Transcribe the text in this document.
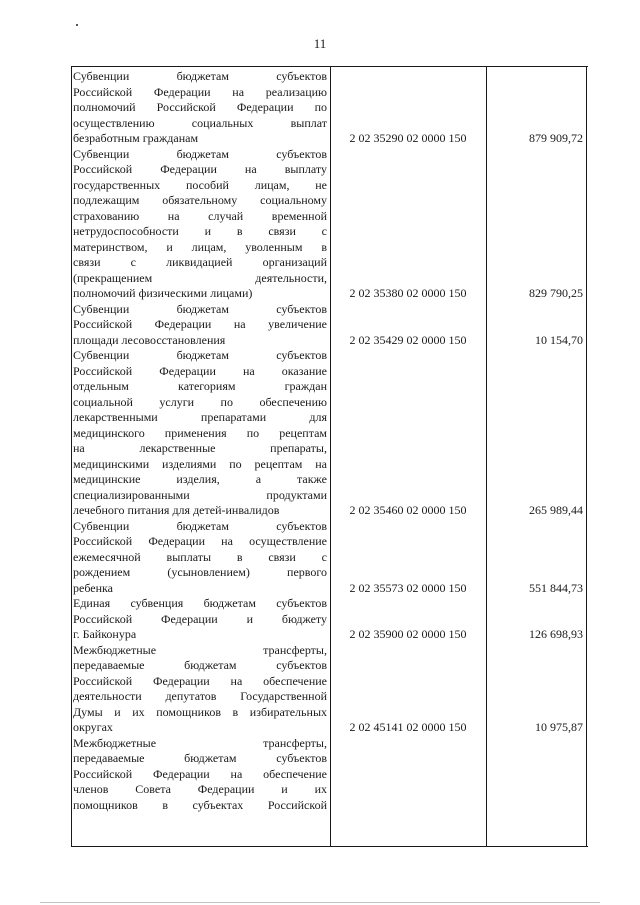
11
Субвенции бюджетам субъектов
Российской Федерации на реализацию
полномочий Российской Федерации по
осуществлению социальных выплат
безработным гражданам	2 02 35290 02 0000 150	879 909,72
Субвенции бюджетам субъектов
Российской Федерации на выплату
государственных пособий лицам, не
подлежащим обязательному социальному
страхованию на случай временной
нетрудоспособности и в связи с
материнством, и лицам, уволенным в
связи с ликвидацией организаций
(прекращением деятельности,
полномочий физическими лицами)	2 02 35380 02 0000 150	829 790,25
Субвенции бюджетам субъектов
Российской Федерации на увеличение
площади лесовосстановления	2 02 35429 02 0000 150	10 154,70
Субвенции бюджетам субъектов
Российской Федерации на оказание
отдельным категориям граждан
социальной услуги по обеспечению
лекарственными препаратами для
медицинского применения по рецептам
на лекарственные препараты,
медицинскими изделиями по рецептам на
медицинские изделия, а также
специализированными продуктами
лечебного питания для детей-инвалидов	2 02 35460 02 0000 150	265 989,44
Субвенции бюджетам субъектов
Российской Федерации на осуществление
ежемесячной выплаты в связи с
рождением (усыновлением) первого
ребенка	2 02 35573 02 0000 150	551 844,73
Единая субвенция бюджетам субъектов
Российской Федерации и бюджету
г. Байконура	2 02 35900 02 0000 150	126 698,93
Межбюджетные трансферты,
передаваемые бюджетам субъектов
Российской Федерации на обеспечение
деятельности депутатов Государственной
Думы и их помощников в избирательных
округах	2 02 45141 02 0000 150	10 975,87
Межбюджетные трансферты,
передаваемые бюджетам субъектов
Российской Федерации на обеспечение
членов Совета Федерации и их
помощников в субъектах Российской
